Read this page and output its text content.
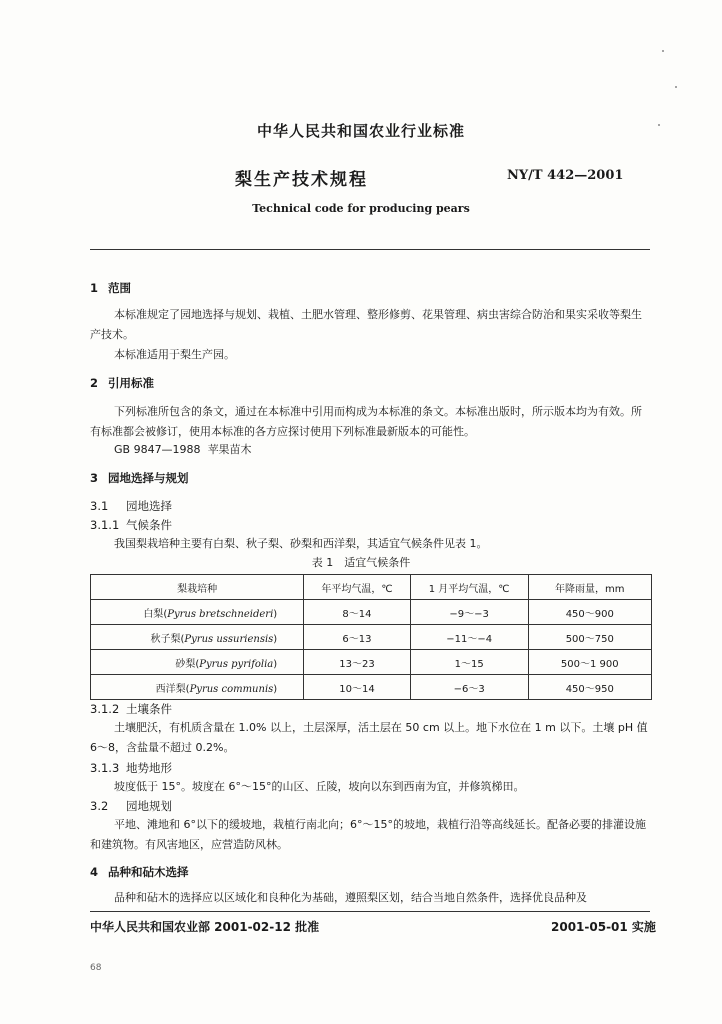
中华人民共和国农业行业标准
梨生产技术规程	NY/T 442—2001
Technical code for producing pears
1 范围
本标准规定了园地选择与规划、栽植、土肥水管理、整形修剪、花果管理、病虫害综合防治和果实采收等梨生产技术。
本标准适用于梨生产园。
2 引用标准
下列标准所包含的条文，通过在本标准中引用而构成为本标准的条文。本标准出版时，所示版本均为有效。所有标准都会被修订，使用本标准的各方应探讨使用下列标准最新版本的可能性。
GB 9847—1988 苹果苗木
3 园地选择与规划
3.1 园地选择
3.1.1 气候条件
我国梨栽培种主要有白梨、秋子梨、砂梨和西洋梨，其适宜气候条件见表 1。
表 1　适宜气候条件
梨栽培种	年平均气温，℃	1 月平均气温，℃	年降雨量，mm
白梨(Pyrus bretschneideri)	8～14	−9～−3	450～900
秋子梨(Pyrus ussuriensis)	6～13	−11～−4	500～750
砂梨(Pyrus pyrifolia)	13～23	1～15	500～1 900
西洋梨(Pyrus communis)	10～14	−6～3	450～950
3.1.2 土壤条件
土壤肥沃，有机质含量在 1.0% 以上，土层深厚，活土层在 50 cm 以上。地下水位在 1 m 以下。土壤 pH 值 6～8，含盐量不超过 0.2%。
3.1.3 地势地形
坡度低于 15°。坡度在 6°～15°的山区、丘陵，坡向以东到西南为宜，并修筑梯田。
3.2 园地规划
平地、滩地和 6°以下的缓坡地，栽植行南北向；6°～15°的坡地，栽植行沿等高线延长。配备必要的排灌设施和建筑物。有风害地区，应营造防风林。
4 品种和砧木选择
品种和砧木的选择应以区域化和良种化为基础，遵照梨区划，结合当地自然条件，选择优良品种及
中华人民共和国农业部 2001-02-12 批准	2001-05-01 实施
68
